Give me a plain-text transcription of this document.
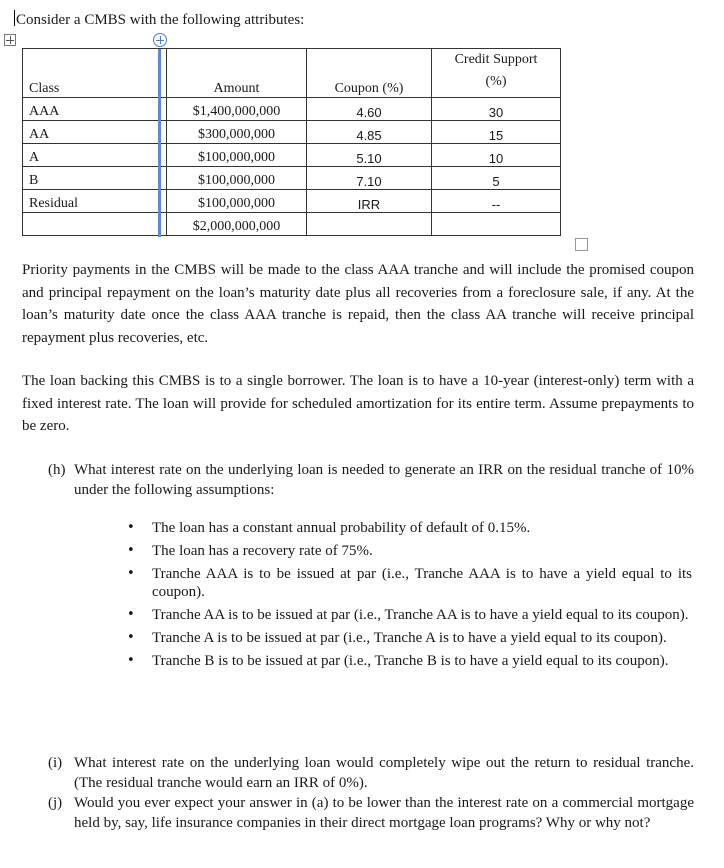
Consider a CMBS with the following attributes:
Class	Amount	Coupon (%)	Credit Support
(%)
AAA	$1,400,000,000	4.60	30
AA	$300,000,000	4.85	15
A	$100,000,000	5.10	10
B	$100,000,000	7.10	5
Residual	$100,000,000	IRR	--
	$2,000,000,000		

Priority payments in the CMBS will be made to the class AAA tranche and will include the promised coupon and principal repayment on the loan’s maturity date plus all recoveries from a foreclosure sale, if any. At the loan’s maturity date once the class AAA tranche is repaid, then the class AA tranche will receive principal repayment plus recoveries, etc.

The loan backing this CMBS is to a single borrower. The loan is to have a 10-year (interest-only) term with a fixed interest rate. The loan will provide for scheduled amortization for its entire term. Assume prepayments to be zero.

(h) What interest rate on the underlying loan is needed to generate an IRR on the residual tranche of 10% under the following assumptions:
• The loan has a constant annual probability of default of 0.15%.
• The loan has a recovery rate of 75%.
• Tranche AAA is to be issued at par (i.e., Tranche AAA is to have a yield equal to its coupon).
• Tranche AA is to be issued at par (i.e., Tranche AA is to have a yield equal to its coupon).
• Tranche A is to be issued at par (i.e., Tranche A is to have a yield equal to its coupon).
• Tranche B is to be issued at par (i.e., Tranche B is to have a yield equal to its coupon).
(i) What interest rate on the underlying loan would completely wipe out the return to residual tranche. (The residual tranche would earn an IRR of 0%).
(j) Would you ever expect your answer in (a) to be lower than the interest rate on a commercial mortgage held by, say, life insurance companies in their direct mortgage loan programs? Why or why not?
